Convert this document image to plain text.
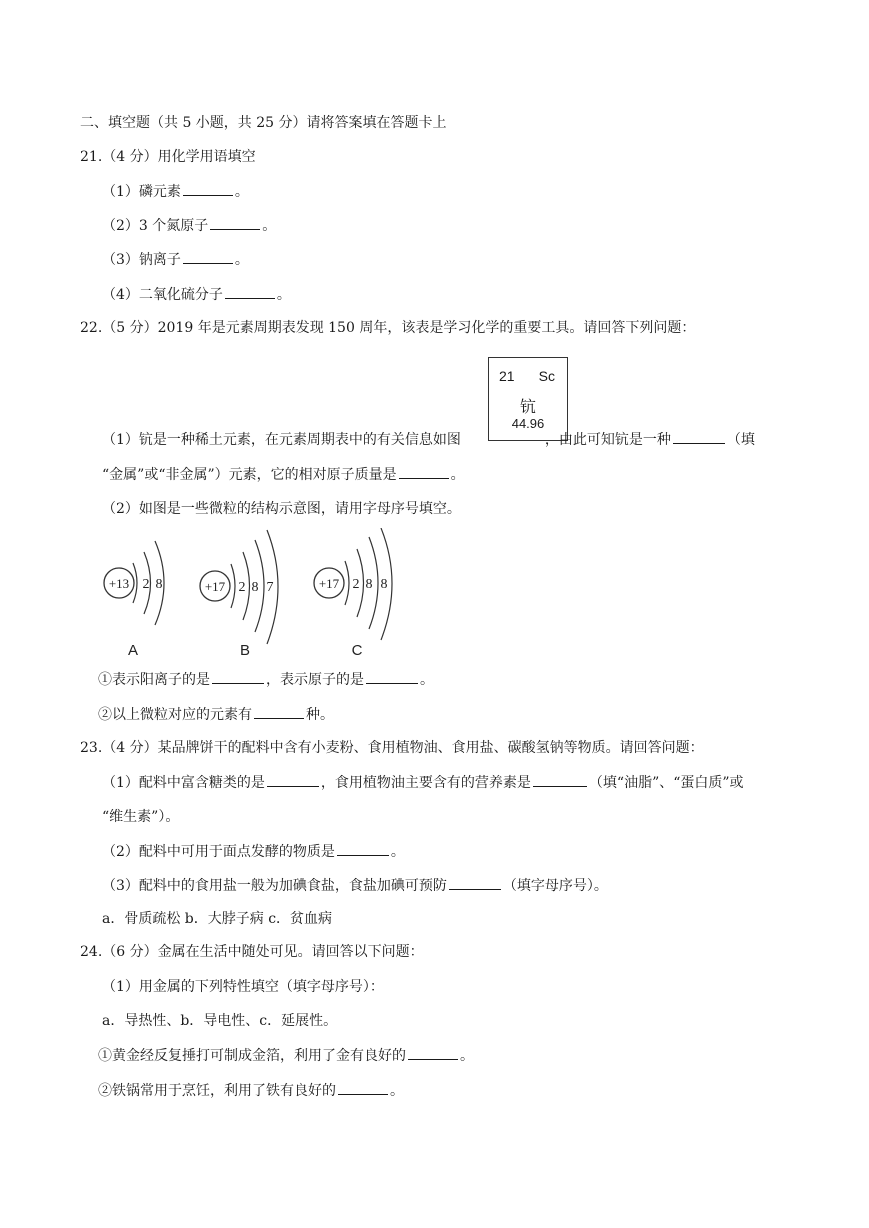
二、填空题（共 5 小题，共 25 分）请将答案填在答题卡上
21.（4 分）用化学用语填空
（1）磷元素	。
（2）3 个氮原子	。
（3）钠离子	。
（4）二氧化硫分子	。
22.（5 分）2019 年是元素周期表发现 150 周年，该表是学习化学的重要工具。请回答下列问题：
21 Sc
钪
44.96
（1）钪是一种稀土元素，在元素周期表中的有关信息如图	，由此可知钪是一种	（填
“金属”或“非金属”）元素，它的相对原子质量是	。
（2）如图是一些微粒的结构示意图，请用字母序号填空。
+13 2 8
A
+17 2 8 7
B
+17 2 8 8
C
①表示阳离子的是	，表示原子的是	。
②以上微粒对应的元素有	种。
23.（4 分）某品牌饼干的配料中含有小麦粉、食用植物油、食用盐、碳酸氢钠等物质。请回答问题：
（1）配料中富含糖类的是	，食用植物油主要含有的营养素是	（填“油脂”、“蛋白质”或
“维生素”）。
（2）配料中可用于面点发酵的物质是	。
（3）配料中的食用盐一般为加碘食盐，食盐加碘可预防	（填字母序号）。
a．骨质疏松 b．大脖子病 c．贫血病
24.（6 分）金属在生活中随处可见。请回答以下问题：
（1）用金属的下列特性填空（填字母序号）：
a．导热性、b．导电性、c．延展性。
①黄金经反复捶打可制成金箔，利用了金有良好的	。
②铁锅常用于烹饪，利用了铁有良好的	。
